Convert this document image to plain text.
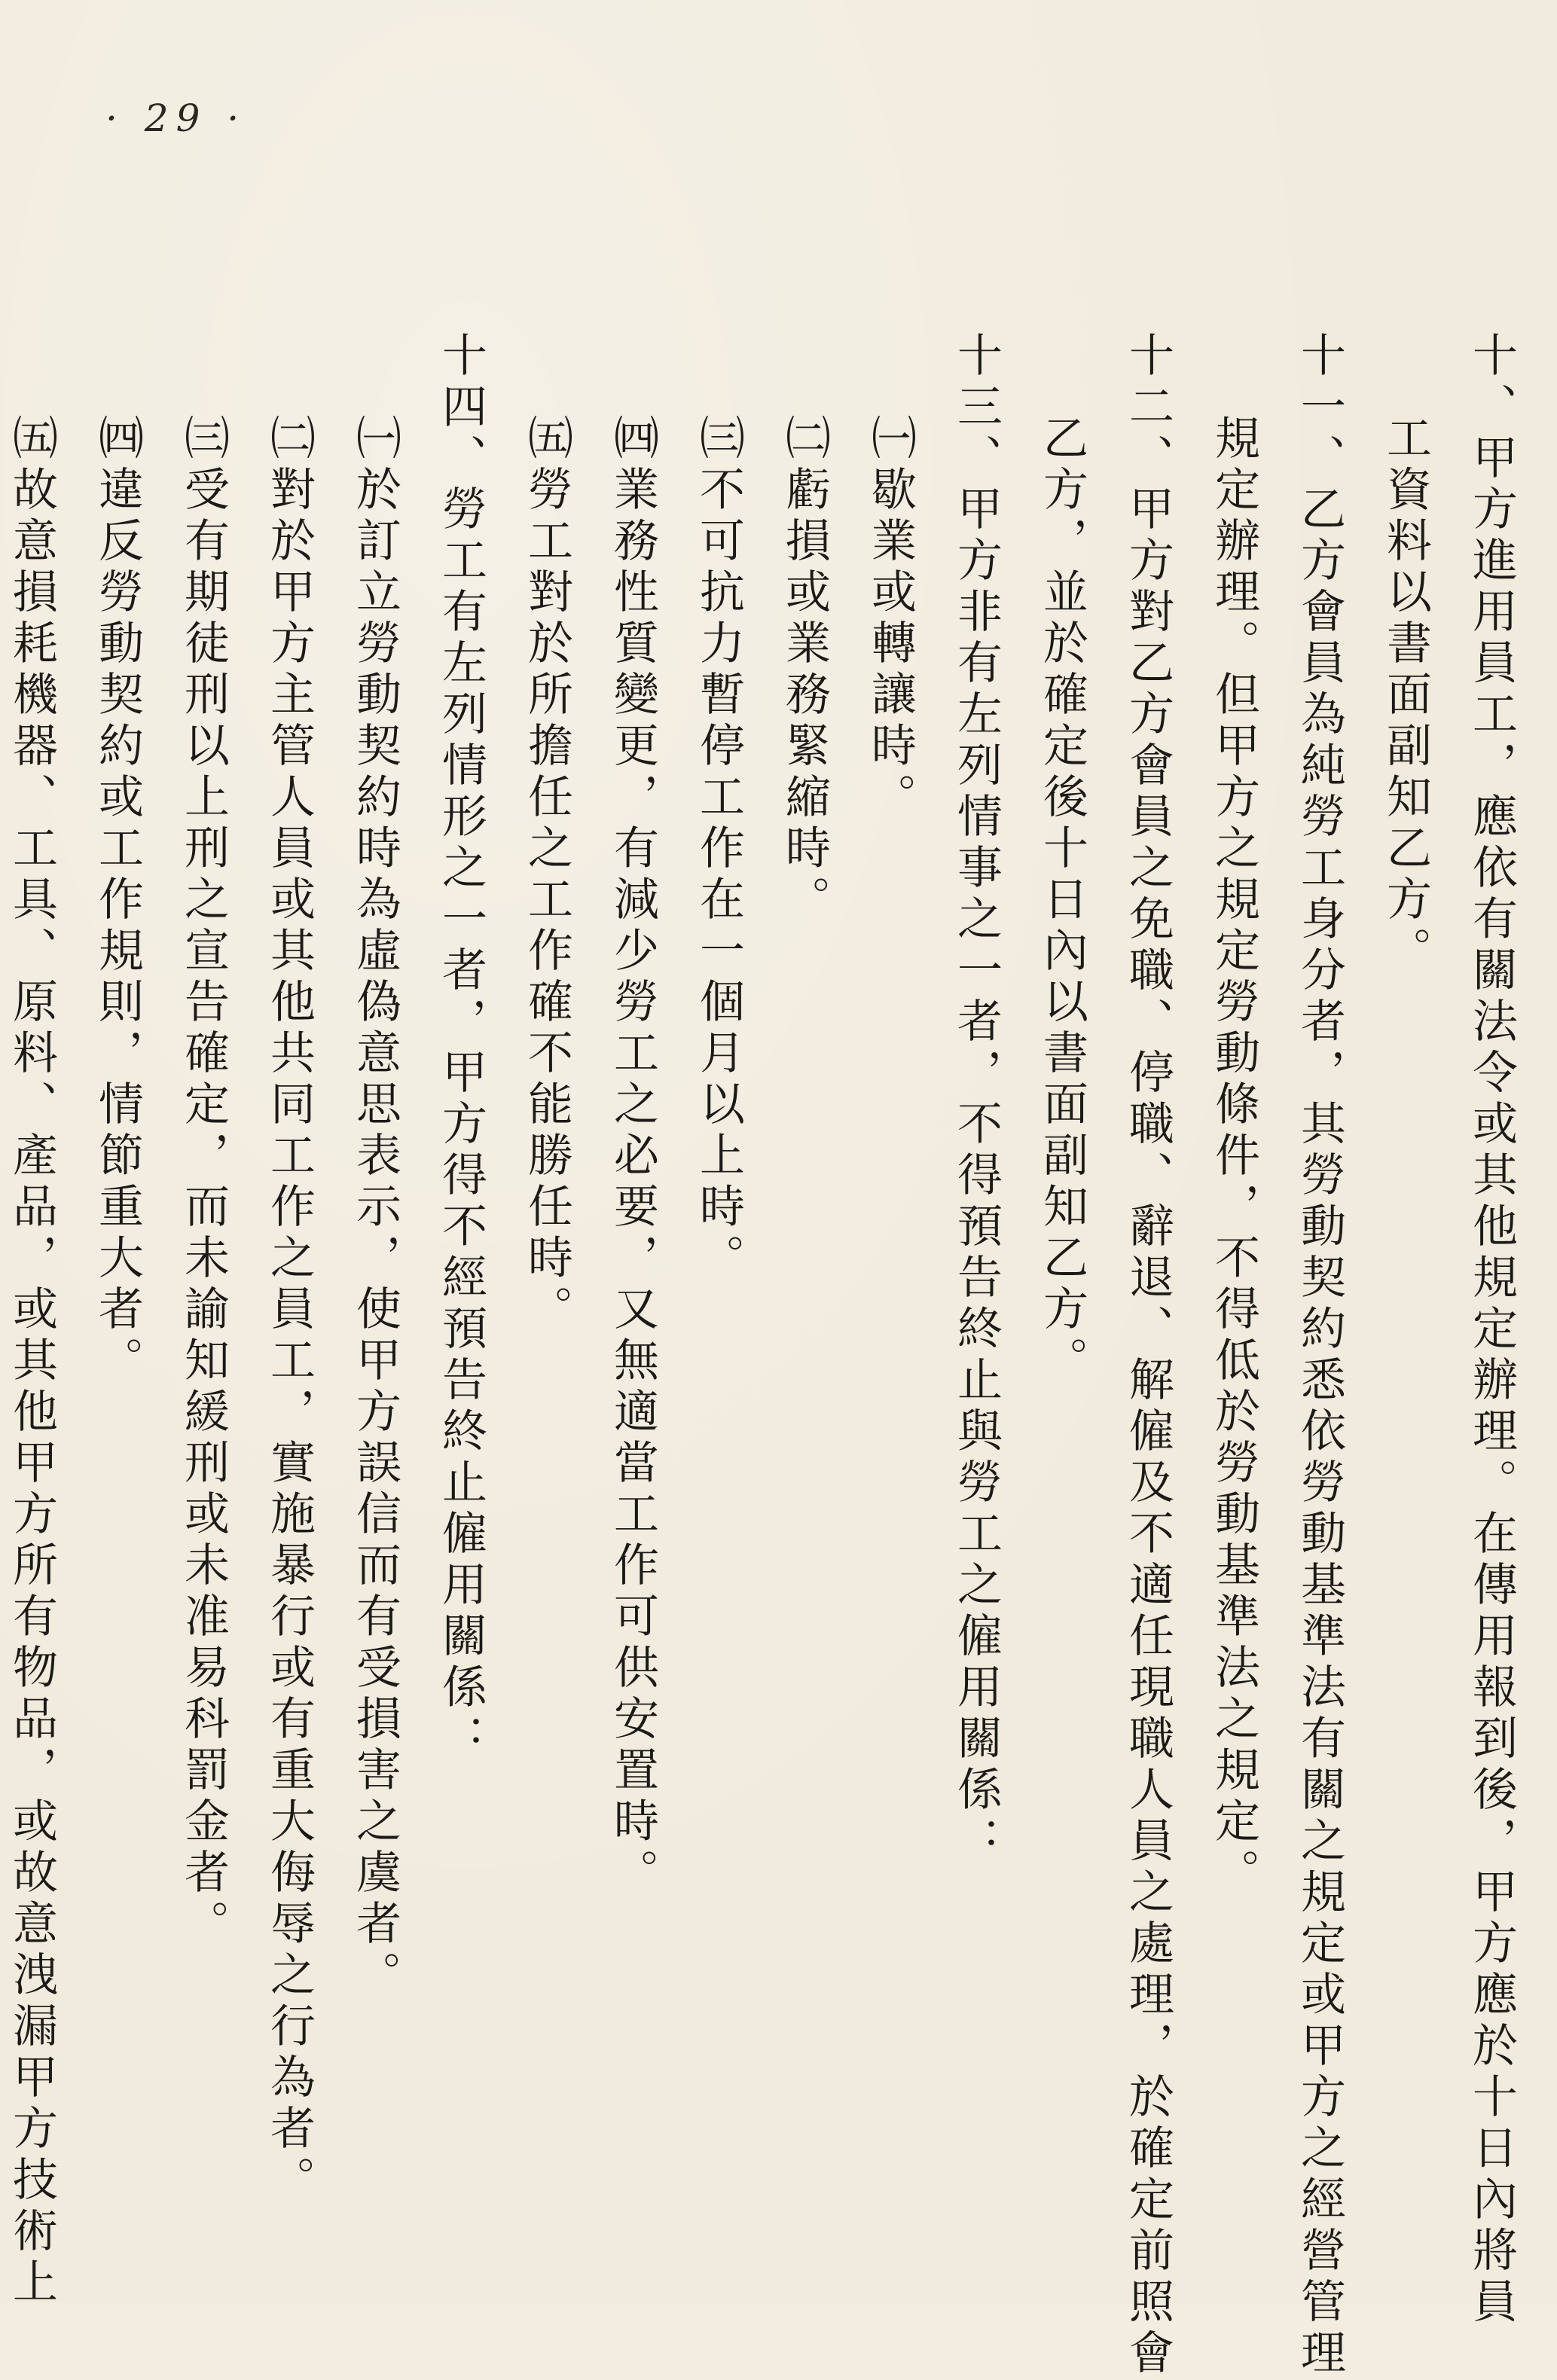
· 29 ·
十、甲方進用員工，應依有關法令或其他規定辦理。在傳用報到後，甲方應於十日內將員
工資料以書面副知乙方。
十一、乙方會員為純勞工身分者，其勞動契約悉依勞動基準法有關之規定或甲方之經營管理
規定辦理。但甲方之規定勞動條件，不得低於勞動基準法之規定。
十二、甲方對乙方會員之免職、停職、辭退、解僱及不適任現職人員之處理，於確定前照會
乙方，並於確定後十日內以書面副知乙方。
十三、甲方非有左列情事之一者，不得預告終止與勞工之僱用關係：
㈠歇業或轉讓時。
㈡虧損或業務緊縮時。
㈢不可抗力暫停工作在一個月以上時。
㈣業務性質變更，有減少勞工之必要，又無適當工作可供安置時。
㈤勞工對於所擔任之工作確不能勝任時。
十四、勞工有左列情形之一者，甲方得不經預告終止僱用關係：
㈠於訂立勞動契約時為虛偽意思表示，使甲方誤信而有受損害之虞者。
㈡對於甲方主管人員或其他共同工作之員工，實施暴行或有重大侮辱之行為者。
㈢受有期徒刑以上刑之宣告確定，而未諭知緩刑或未准易科罰金者。
㈣違反勞動契約或工作規則，情節重大者。
㈤故意損耗機器、工具、原料、產品，或其他甲方所有物品，或故意洩漏甲方技術上
